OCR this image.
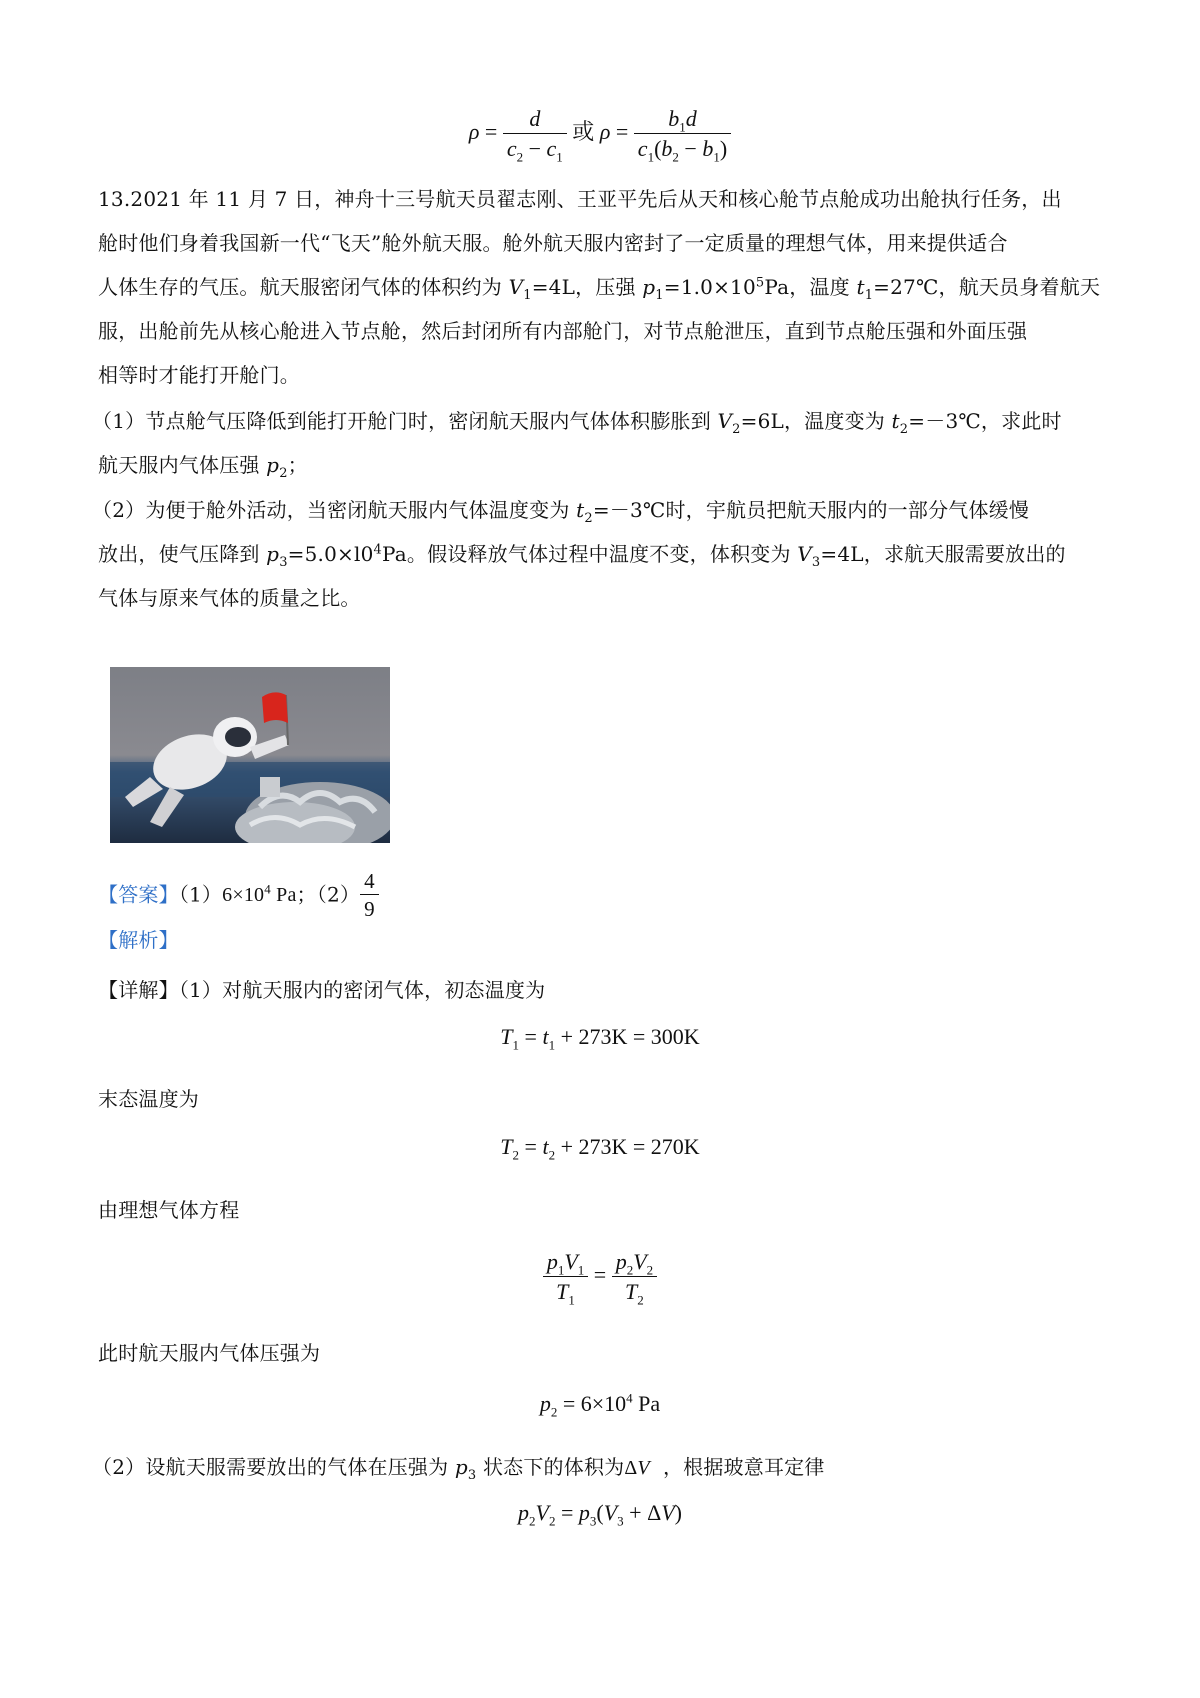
$\rho = \frac{d}{c_2 - c_1}$ 或 $\rho = \frac{b_1d}{c_1(b_2 - b_1)}$
13.2021 年 11 月 7 日，神舟十三号航天员翟志刚、王亚平先后从天和核心舱节点舱成功出舱执行任务，出
舱时他们身着我国新一代“飞天”舱外航天服。舱外航天服内密封了一定质量的理想气体，用来提供适合
人体生存的气压。航天服密闭气体的体积约为 $V_1=4L$，压强 $p_1=1.0\times 10^5Pa$，温度 $t_1=27℃$，航天员身着航天
服，出舱前先从核心舱进入节点舱，然后封闭所有内部舱门，对节点舱泄压，直到节点舱压强和外面压强
相等时才能打开舱门。
（1）节点舱气压降低到能打开舱门时，密闭航天服内气体体积膨胀到 $V_2=6L$，温度变为 $t_2=-3℃$，求此时
航天服内气体压强 $p_2$；
（2）为便于舱外活动，当密闭航天服内气体温度变为 $t_2=-3℃$时，宇航员把航天服内的一部分气体缓慢
放出，使气压降到 $p_3=5.0\times l0^4Pa$。假设释放气体过程中温度不变，体积变为 $V_3=4L$，求航天服需要放出的
气体与原来气体的质量之比。
【答案】$(1)6\times 10^4$ Pa；$(2) \frac{4}{9}$
【解析】
【详解】（1）对航天服内的密闭气体，初态温度为
$T_1 = t_1 + 273K = 300K$
末态温度为
$T_2 = t_2 + 273K = 270K$
由理想气体方程
$\frac{p_1V_1}{T_1} = \frac{p_2V_2}{T_2}$
此时航天服内气体压强为
$p_2 = 6\times 10^4$ Pa
（2）设航天服需要放出的气体在压强为 $p_3$ 状态下的体积为ΔV ，根据玻意耳定律
$p_2V_2 = p_3(V_3 + \Delta V)$
